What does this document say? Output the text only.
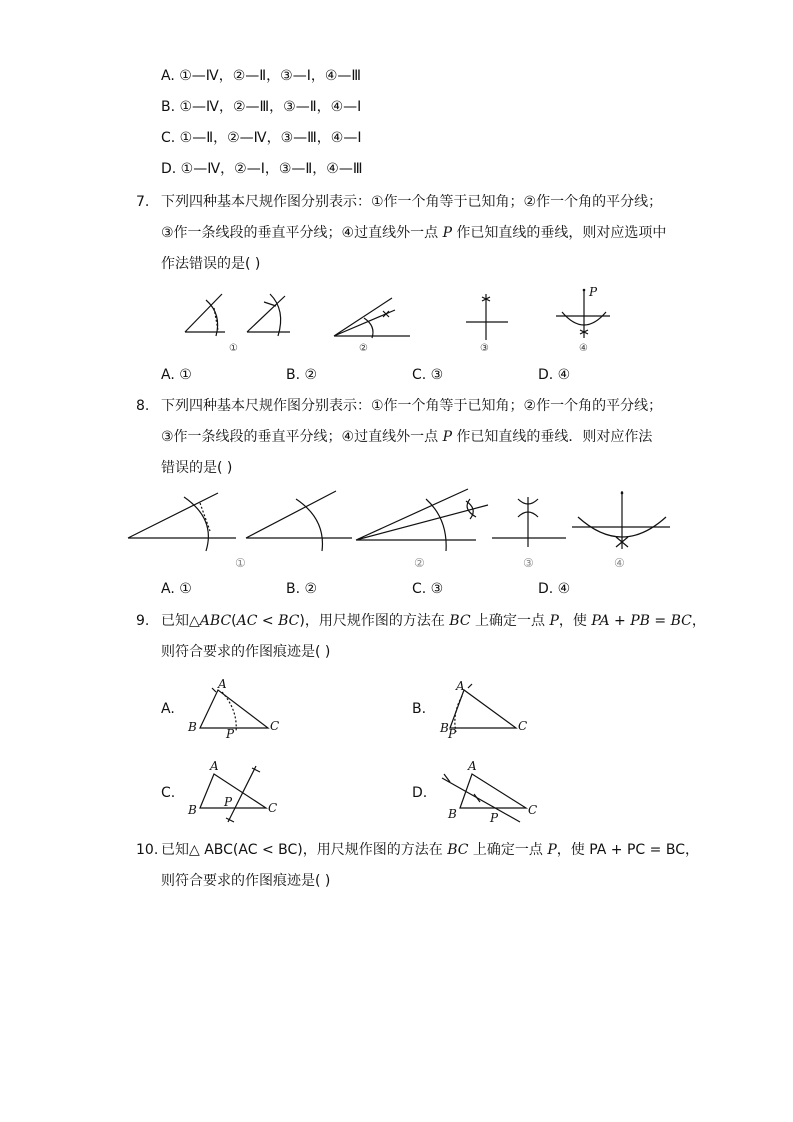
A. ①—Ⅳ，②—Ⅱ，③—Ⅰ，④—Ⅲ
B. ①—Ⅳ，②—Ⅲ，③—Ⅱ，④—Ⅰ
C. ①—Ⅱ，②—Ⅳ，③—Ⅲ，④—Ⅰ
D. ①—Ⅳ，②—Ⅰ，③—Ⅱ，④—Ⅲ
7. 下列四种基本尺规作图分别表示：①作一个角等于已知角；②作一个角的平分线；
③作一条线段的垂直平分线；④过直线外一点 P 作已知直线的垂线，则对应选项中
作法错误的是( )
①	②	③
P
④
A. ①	B. ②	C. ③	D. ④
8. 下列四种基本尺规作图分别表示：①作一个角等于已知角；②作一个角的平分线；
③作一条线段的垂直平分线；④过直线外一点 P 作已知直线的垂线．则对应作法
错误的是( )
①	②	③	④
A. ①	B. ②	C. ③	D. ④
9. 已知△ABC(AC < BC)，用尺规作图的方法在 BC 上确定一点 P，使 PA + PB = BC，
则符合要求的作图痕迹是( )
A.	B.
C.	D.
A
B	C
P
A
B	C
P
A
B	C
P
A
B	C
P
10. 已知△ ABC(AC < BC)，用尺规作图的方法在 BC 上确定一点 P，使 PA + PC = BC，
则符合要求的作图痕迹是( )
